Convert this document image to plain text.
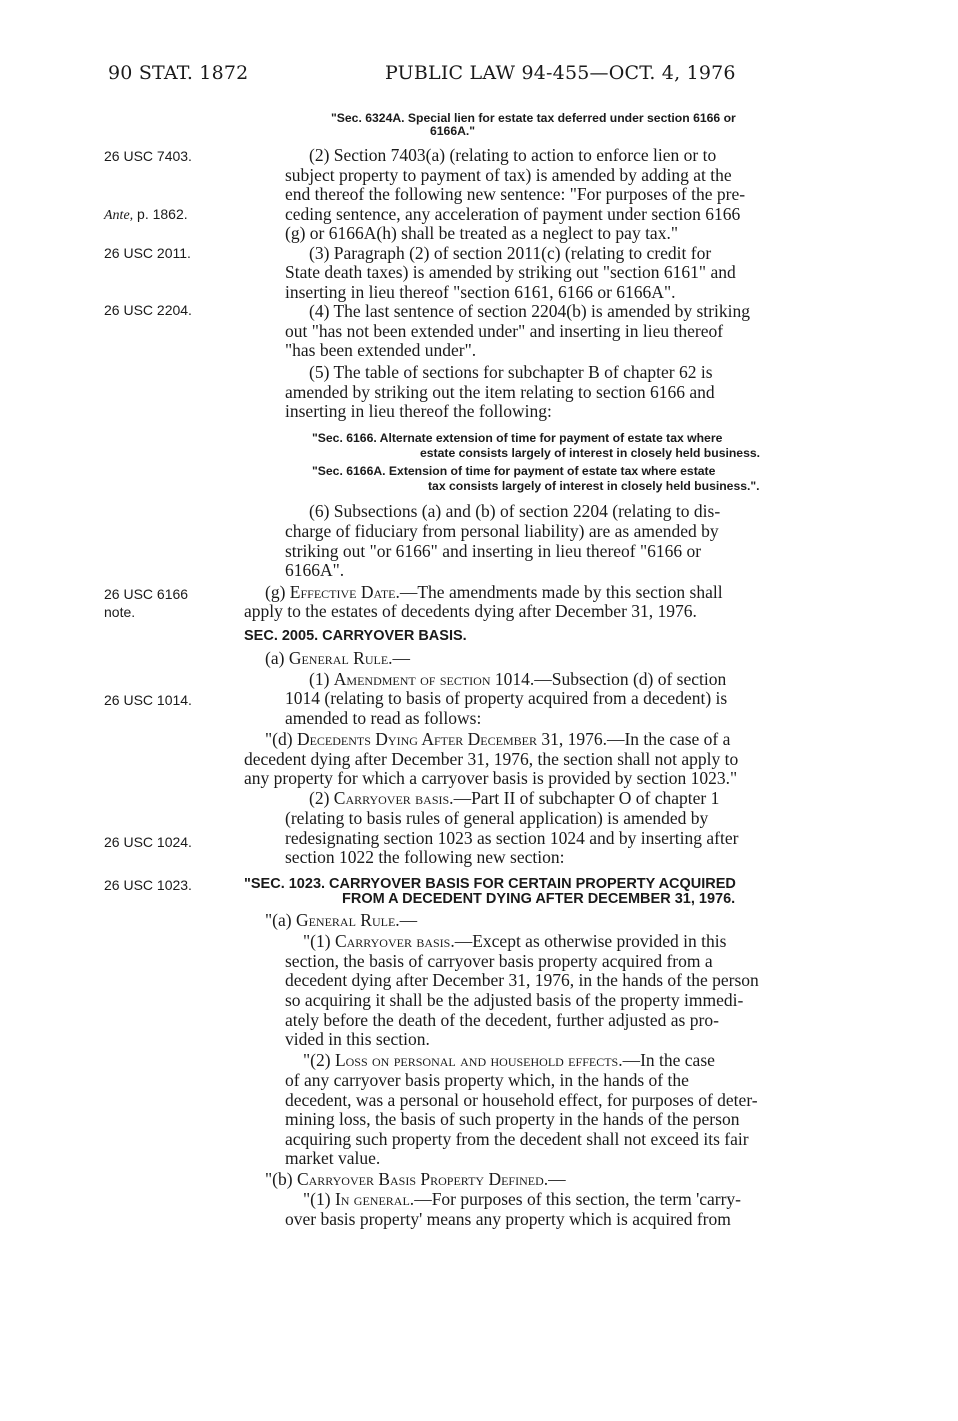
90 STAT. 1872	PUBLIC LAW 94-455—OCT. 4, 1976
26 USC 7403.
Ante, p. 1862.
26 USC 2011.
26 USC 2204.
26 USC 6166
note.
26 USC 1014.
26 USC 1024.
26 USC 1023.
"Sec. 6324A. Special lien for estate tax deferred under section 6166 or
6166A."
(2) Section 7403(a) (relating to action to enforce lien or to
subject property to payment of tax) is amended by adding at the
end thereof the following new sentence: "For purposes of the pre-
ceding sentence, any acceleration of payment under section 6166
(g) or 6166A(h) shall be treated as a neglect to pay tax."
(3) Paragraph (2) of section 2011(c) (relating to credit for
State death taxes) is amended by striking out "section 6161" and
inserting in lieu thereof "section 6161, 6166 or 6166A".
(4) The last sentence of section 2204(b) is amended by striking
out "has not been extended under" and inserting in lieu thereof
"has been extended under".
(5) The table of sections for subchapter B of chapter 62 is
amended by striking out the item relating to section 6166 and
inserting in lieu thereof the following:
"Sec. 6166. Alternate extension of time for payment of estate tax where
estate consists largely of interest in closely held business.
"Sec. 6166A. Extension of time for payment of estate tax where estate
tax consists largely of interest in closely held business.".
(6) Subsections (a) and (b) of section 2204 (relating to dis-
charge of fiduciary from personal liability) are as amended by
striking out "or 6166" and inserting in lieu thereof "6166 or
6166A".
(g) Effective Date.—The amendments made by this section shall
apply to the estates of decedents dying after December 31, 1976.
SEC. 2005. CARRYOVER BASIS.
(a) General Rule.—
(1) Amendment of section 1014.—Subsection (d) of section
1014 (relating to basis of property acquired from a decedent) is
amended to read as follows:
"(d) Decedents Dying After December 31, 1976.—In the case of a
decedent dying after December 31, 1976, the section shall not apply to
any property for which a carryover basis is provided by section 1023."
(2) Carryover basis.—Part II of subchapter O of chapter 1
(relating to basis rules of general application) is amended by
redesignating section 1023 as section 1024 and by inserting after
section 1022 the following new section:
"SEC. 1023. CARRYOVER BASIS FOR CERTAIN PROPERTY ACQUIRED
FROM A DECEDENT DYING AFTER DECEMBER 31, 1976.
"(a) General Rule.—
"(1) Carryover basis.—Except as otherwise provided in this
section, the basis of carryover basis property acquired from a
decedent dying after December 31, 1976, in the hands of the person
so acquiring it shall be the adjusted basis of the property immedi-
ately before the death of the decedent, further adjusted as pro-
vided in this section.
"(2) Loss on personal and household effects.—In the case
of any carryover basis property which, in the hands of the
decedent, was a personal or household effect, for purposes of deter-
mining loss, the basis of such property in the hands of the person
acquiring such property from the decedent shall not exceed its fair
market value.
"(b) Carryover Basis Property Defined.—
"(1) In general.—For purposes of this section, the term 'carry-
over basis property' means any property which is acquired from
